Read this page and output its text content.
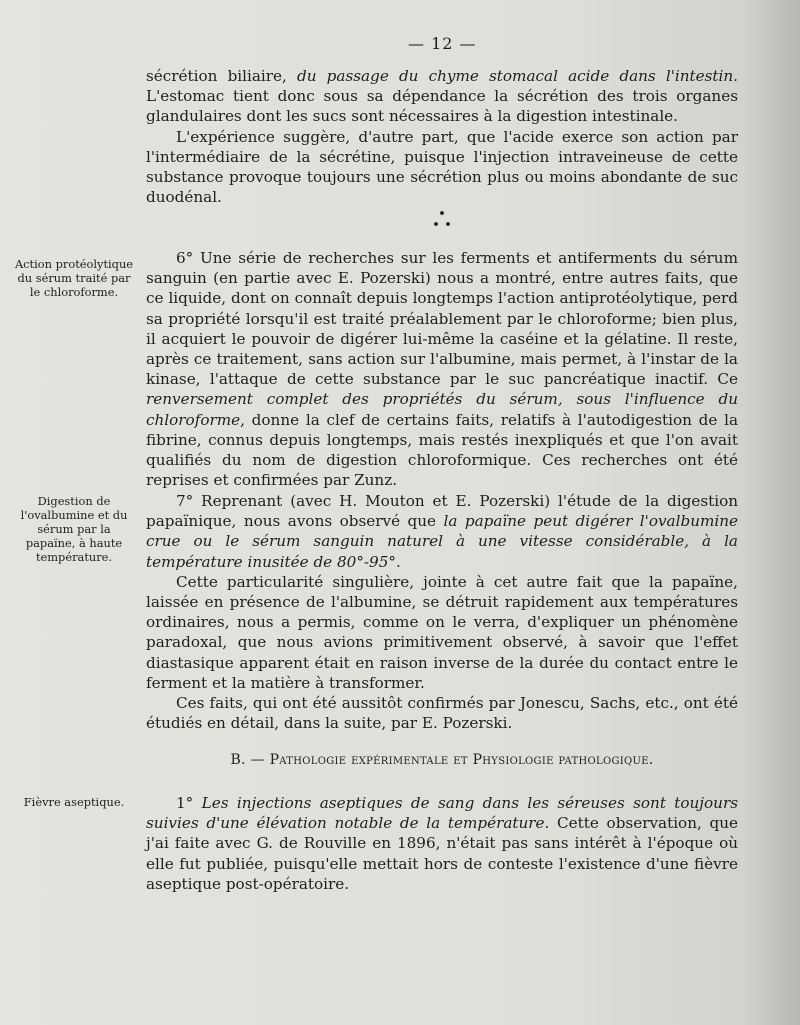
— 12 —

sécrétion biliaire, du passage du chyme stomacal acide dans l'intestin. L'estomac tient donc sous sa dépendance la sécrétion des trois organes glandulaires dont les sucs sont nécessaires à la digestion intestinale.

L'expérience suggère, d'autre part, que l'acide exerce son action par l'intermédiaire de la sécrétine, puisque l'injection intraveineuse de cette substance provoque toujours une sécrétion plus ou moins abondante de suc duodénal.

Action protéolytique du sérum traité par le chloroforme.

6° Une série de recherches sur les ferments et antiferments du sérum sanguin (en partie avec E. Pozerski) nous a montré, entre autres faits, que ce liquide, dont on connaît depuis longtemps l'action antiprotéolytique, perd sa propriété lorsqu'il est traité préalablement par le chloroforme; bien plus, il acquiert le pouvoir de digérer lui-même la caséine et la gélatine. Il reste, après ce traitement, sans action sur l'albumine, mais permet, à l'instar de la kinase, l'attaque de cette substance par le suc pancréatique inactif. Ce renversement complet des propriétés du sérum, sous l'influence du chloroforme, donne la clef de certains faits, relatifs à l'autodigestion de la fibrine, connus depuis longtemps, mais restés inexpliqués et que l'on avait qualifiés du nom de digestion chloroformique. Ces recherches ont été reprises et confirmées par Zunz.

Digestion de l'ovalbumine et du sérum par la papaïne, à haute température.

7° Reprenant (avec H. Mouton et E. Pozerski) l'étude de la digestion papaïnique, nous avons observé que la papaïne peut digérer l'ovalbumine crue ou le sérum sanguin naturel à une vitesse considérable, à la température inusitée de 80°-95°.

Cette particularité singulière, jointe à cet autre fait que la papaïne, laissée en présence de l'albumine, se détruit rapidement aux températures ordinaires, nous a permis, comme on le verra, d'expliquer un phénomène paradoxal, que nous avions primitivement observé, à savoir que l'effet diastasique apparent était en raison inverse de la durée du contact entre le ferment et la matière à transformer.

Ces faits, qui ont été aussitôt confirmés par Jonescu, Sachs, etc., ont été étudiés en détail, dans la suite, par E. Pozerski.

B. — Pathologie expérimentale et Physiologie pathologique.
Fièvre aseptique.	1° Les injections aseptiques de sang dans les séreuses sont toujours suivies d'une élévation notable de la température. Cette observation, que j'ai faite avec G. de Rouville en 1896, n'était pas sans intérêt à l'époque où elle fut publiée, puisqu'elle mettait hors de conteste l'existence d'une fièvre aseptique post-opératoire.
